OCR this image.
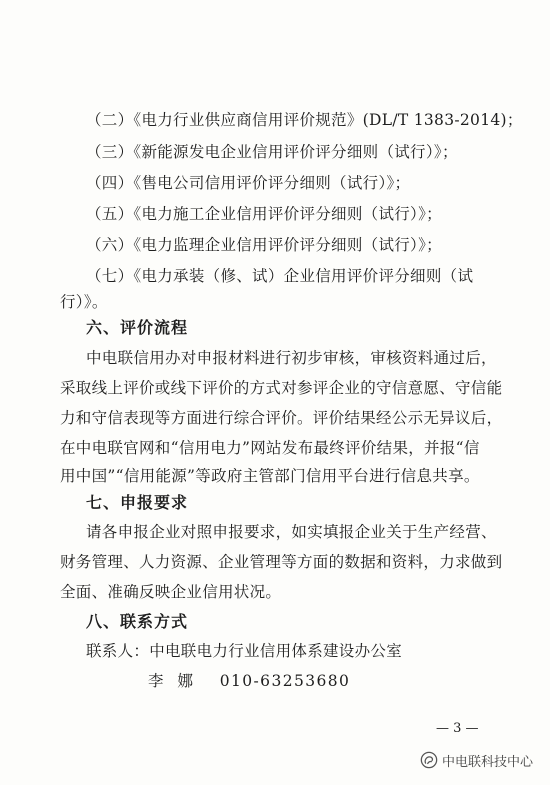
（二）《电力行业供应商信用评价规范》(DL/T 1383-2014)；
（三）《新能源发电企业信用评价评分细则（试行）》；
（四）《售电公司信用评价评分细则（试行）》；
（五）《电力施工企业信用评价评分细则（试行）》；
（六）《电力监理企业信用评价评分细则（试行）》；
（七）《电力承装（修、试）企业信用评价评分细则（试
行）》。
六、评价流程
中电联信用办对申报材料进行初步审核，审核资料通过后，
采取线上评价或线下评价的方式对参评企业的守信意愿、守信能
力和守信表现等方面进行综合评价。评价结果经公示无异议后，
在中电联官网和“信用电力”网站发布最终评价结果，并报“信
用中国”“信用能源”等政府主管部门信用平台进行信息共享。
七、申报要求
请各申报企业对照申报要求，如实填报企业关于生产经营、
财务管理、人力资源、企业管理等方面的数据和资料，力求做到
全面、准确反映企业信用状况。
八、联系方式
联系人：中电联电力行业信用体系建设办公室
李  娜    010-63253680
— 3 —
中电联科技中心
